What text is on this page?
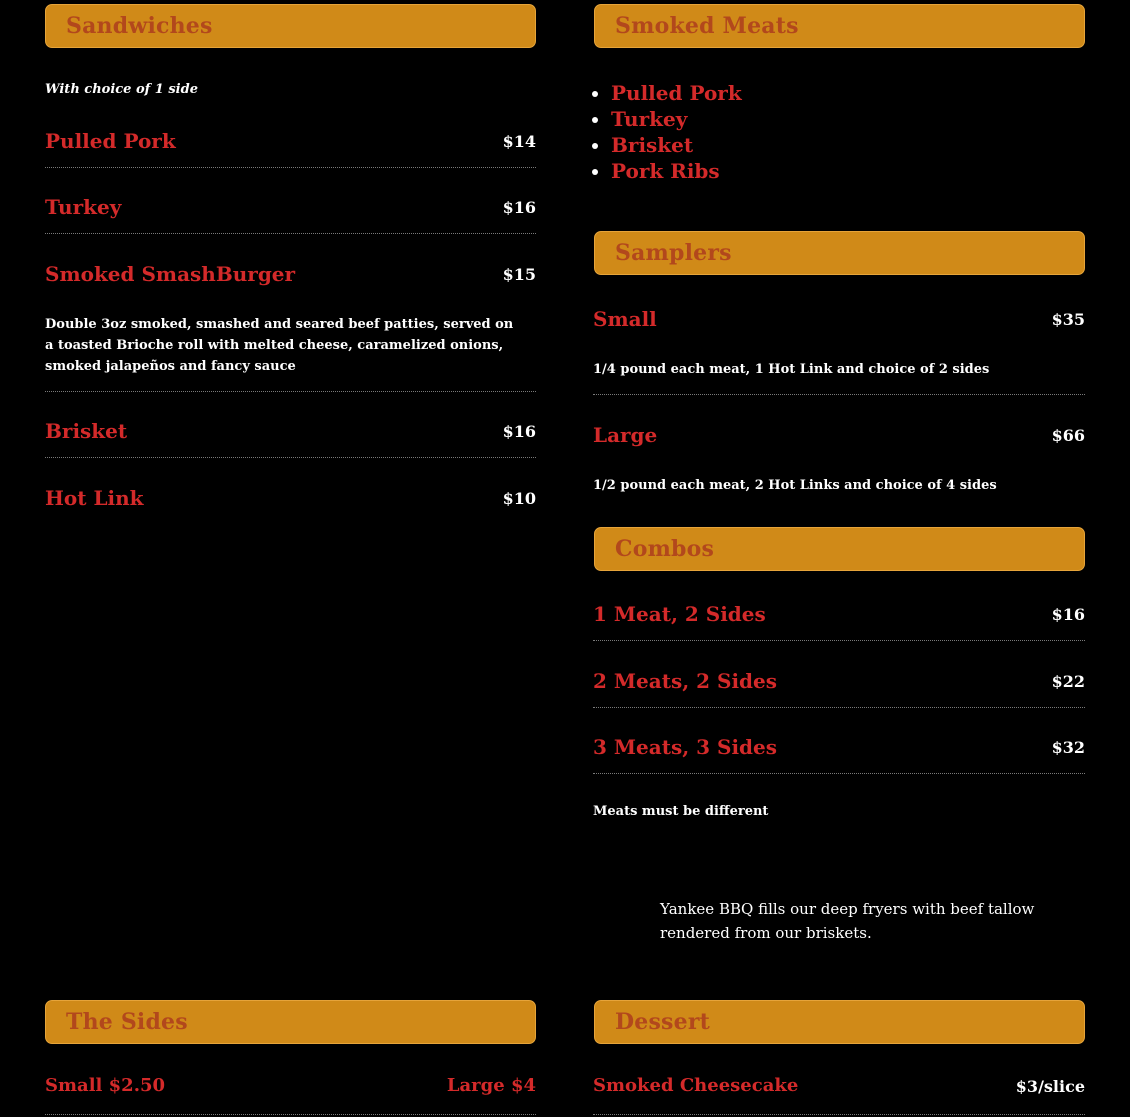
Sandwiches
With choice of 1 side
Pulled Pork	$14
Turkey	$16
Smoked SmashBurger	$15
Double 3oz smoked, smashed and seared beef patties, served on a toasted Brioche roll with melted cheese, caramelized onions, smoked jalapeños and fancy sauce
Brisket	$16
Hot Link	$10
Smoked Meats
• Pulled Pork
• Turkey
• Brisket
• Pork Ribs
Samplers
Small	$35
1/4 pound each meat, 1 Hot Link and choice of 2 sides
Large	$66
1/2 pound each meat, 2 Hot Links and choice of 4 sides
Combos
1 Meat, 2 Sides	$16
2 Meats, 2 Sides	$22
3 Meats, 3 Sides	$32
Meats must be different
Yankee BBQ fills our deep fryers with beef tallow rendered from our briskets.
The Sides
Small $2.50	Large $4
Dessert
Smoked Cheesecake	$3/slice
